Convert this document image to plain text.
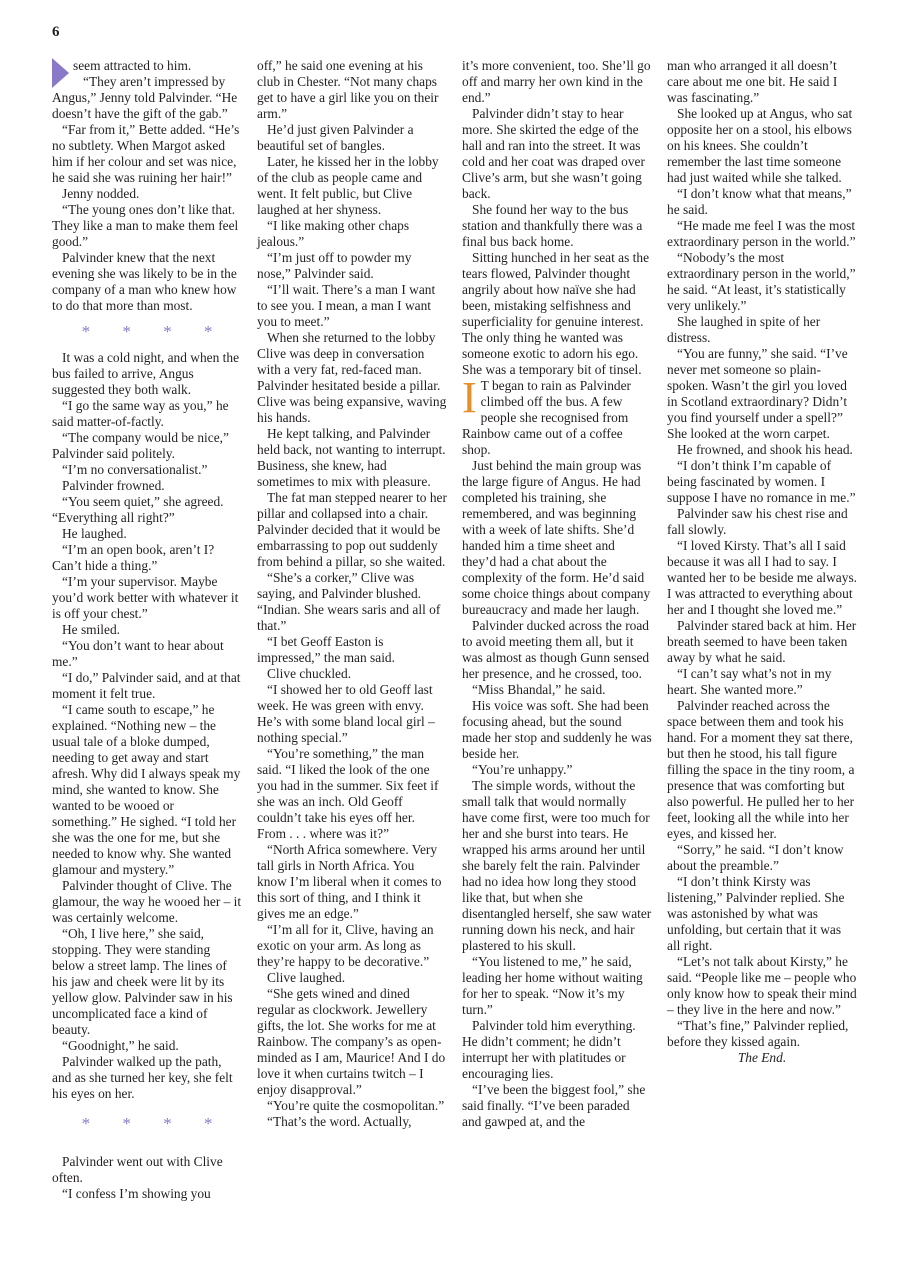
6

seem attracted to him.

“They aren’t impressed by Angus,” Jenny told Palvinder. “He doesn’t have the gift of the gab.”

“Far from it,” Bette added. “He’s no subtlety. When Margot asked him if her colour and set was nice, he said she was ruining her hair!”

Jenny nodded.

“The young ones don’t like that. They like a man to make them feel good.”

Palvinder knew that the next evening she was likely to be in the company of a man who knew how to do that more than most.

* * * *

It was a cold night, and when the bus failed to arrive, Angus suggested they both walk.

“I go the same way as you,” he said matter-of-factly.

“The company would be nice,” Palvinder said politely.

“I’m no conversationalist.”

Palvinder frowned.

“You seem quiet,” she agreed. “Everything all right?”

He laughed.

“I’m an open book, aren’t I? Can’t hide a thing.”

“I’m your supervisor. Maybe you’d work better with whatever it is off your chest.”

He smiled.

“You don’t want to hear about me.”

“I do,” Palvinder said, and at that moment it felt true.

“I came south to escape,” he explained. “Nothing new – the usual tale of a bloke dumped, needing to get away and start afresh. Why did I always speak my mind, she wanted to know. She wanted to be wooed or something.” He sighed. “I told her she was the one for me, but she needed to know why. She wanted glamour and mystery.”

Palvinder thought of Clive. The glamour, the way he wooed her – it was certainly welcome.

“Oh, I live here,” she said, stopping. They were standing below a street lamp. The lines of his jaw and cheek were lit by its yellow glow. Palvinder saw in his uncomplicated face a kind of beauty.

“Goodnight,” he said.

Palvinder walked up the path, and as she turned her key, she felt his eyes on her.

* * * *

Palvinder went out with Clive often.

“I confess I’m showing you

off,” he said one evening at his club in Chester. “Not many chaps get to have a girl like you on their arm.”

He’d just given Palvinder a beautiful set of bangles.

Later, he kissed her in the lobby of the club as people came and went. It felt public, but Clive laughed at her shyness.

“I like making other chaps jealous.”

“I’m just off to powder my nose,” Palvinder said.

“I’ll wait. There’s a man I want to see you. I mean, a man I want you to meet.”

When she returned to the lobby Clive was deep in conversation with a very fat, red-faced man. Palvinder hesitated beside a pillar. Clive was being expansive, waving his hands.

He kept talking, and Palvinder held back, not wanting to interrupt. Business, she knew, had sometimes to mix with pleasure.

The fat man stepped nearer to her pillar and collapsed into a chair. Palvinder decided that it would be embarrassing to pop out suddenly from behind a pillar, so she waited.

“She’s a corker,” Clive was saying, and Palvinder blushed. “Indian. She wears saris and all of that.”

“I bet Geoff Easton is impressed,” the man said.

Clive chuckled.

“I showed her to old Geoff last week. He was green with envy. He’s with some bland local girl – nothing special.”

“You’re something,” the man said. “I liked the look of the one you had in the summer. Six feet if she was an inch. Old Geoff couldn’t take his eyes off her. From . . . where was it?”

“North Africa somewhere. Very tall girls in North Africa. You know I’m liberal when it comes to this sort of thing, and I think it gives me an edge.”

“I’m all for it, Clive, having an exotic on your arm. As long as they’re happy to be decorative.”

Clive laughed.

“She gets wined and dined regular as clockwork. Jewellery gifts, the lot. She works for me at Rainbow. The company’s as open-minded as I am, Maurice! And I do love it when curtains twitch – I enjoy disapproval.”

“You’re quite the cosmopolitan.”

“That’s the word. Actually,

it’s more convenient, too. She’ll go off and marry her own kind in the end.”

Palvinder didn’t stay to hear more. She skirted the edge of the hall and ran into the street. It was cold and her coat was draped over Clive’s arm, but she wasn’t going back.

She found her way to the bus station and thankfully there was a final bus back home.

Sitting hunched in her seat as the tears flowed, Palvinder thought angrily about how naïve she had been, mistaking selfishness and superficiality for genuine interest. The only thing he wanted was someone exotic to adorn his ego. She was a temporary bit of tinsel.

I T began to rain as Palvinder climbed off the bus. A few people she recognised from Rainbow came out of a coffee shop.

Just behind the main group was the large figure of Angus. He had completed his training, she remembered, and was beginning with a week of late shifts. She’d handed him a time sheet and they’d had a chat about the complexity of the form. He’d said some choice things about company bureaucracy and made her laugh.

Palvinder ducked across the road to avoid meeting them all, but it was almost as though Gunn sensed her presence, and he crossed, too.

“Miss Bhandal,” he said.

His voice was soft. She had been focusing ahead, but the sound made her stop and suddenly he was beside her.

“You’re unhappy.”

The simple words, without the small talk that would normally have come first, were too much for her and she burst into tears. He wrapped his arms around her until she barely felt the rain. Palvinder had no idea how long they stood like that, but when she disentangled herself, she saw water running down his neck, and hair plastered to his skull.

“You listened to me,” he said, leading her home without waiting for her to speak. “Now it’s my turn.”

Palvinder told him everything. He didn’t comment; he didn’t interrupt her with platitudes or encouraging lies.

“I’ve been the biggest fool,” she said finally. “I’ve been paraded and gawped at, and the

man who arranged it all doesn’t care about me one bit. He said I was fascinating.”

She looked up at Angus, who sat opposite her on a stool, his elbows on his knees. She couldn’t remember the last time someone had just waited while she talked.

“I don’t know what that means,” he said.

“He made me feel I was the most extraordinary person in the world.”

“Nobody’s the most extraordinary person in the world,” he said. “At least, it’s statistically very unlikely.”

She laughed in spite of her distress.

“You are funny,” she said. “I’ve never met someone so plain-spoken. Wasn’t the girl you loved in Scotland extraordinary? Didn’t you find yourself under a spell?” She looked at the worn carpet.

He frowned, and shook his head.

“I don’t think I’m capable of being fascinated by women. I suppose I have no romance in me.”

Palvinder saw his chest rise and fall slowly.

“I loved Kirsty. That’s all I said because it was all I had to say. I wanted her to be beside me always. I was attracted to everything about her and I thought she loved me.”

Palvinder stared back at him. Her breath seemed to have been taken away by what he said.

“I can’t say what’s not in my heart. She wanted more.”

Palvinder reached across the space between them and took his hand. For a moment they sat there, but then he stood, his tall figure filling the space in the tiny room, a presence that was comforting but also powerful. He pulled her to her feet, looking all the while into her eyes, and kissed her.

“Sorry,” he said. “I don’t know about the preamble.”

“I don’t think Kirsty was listening,” Palvinder replied. She was astonished by what was unfolding, but certain that it was all right.

“Let’s not talk about Kirsty,” he said. “People like me – people who only know how to speak their mind – they live in the here and now.”

“That’s fine,” Palvinder replied, before they kissed again.

The End.
